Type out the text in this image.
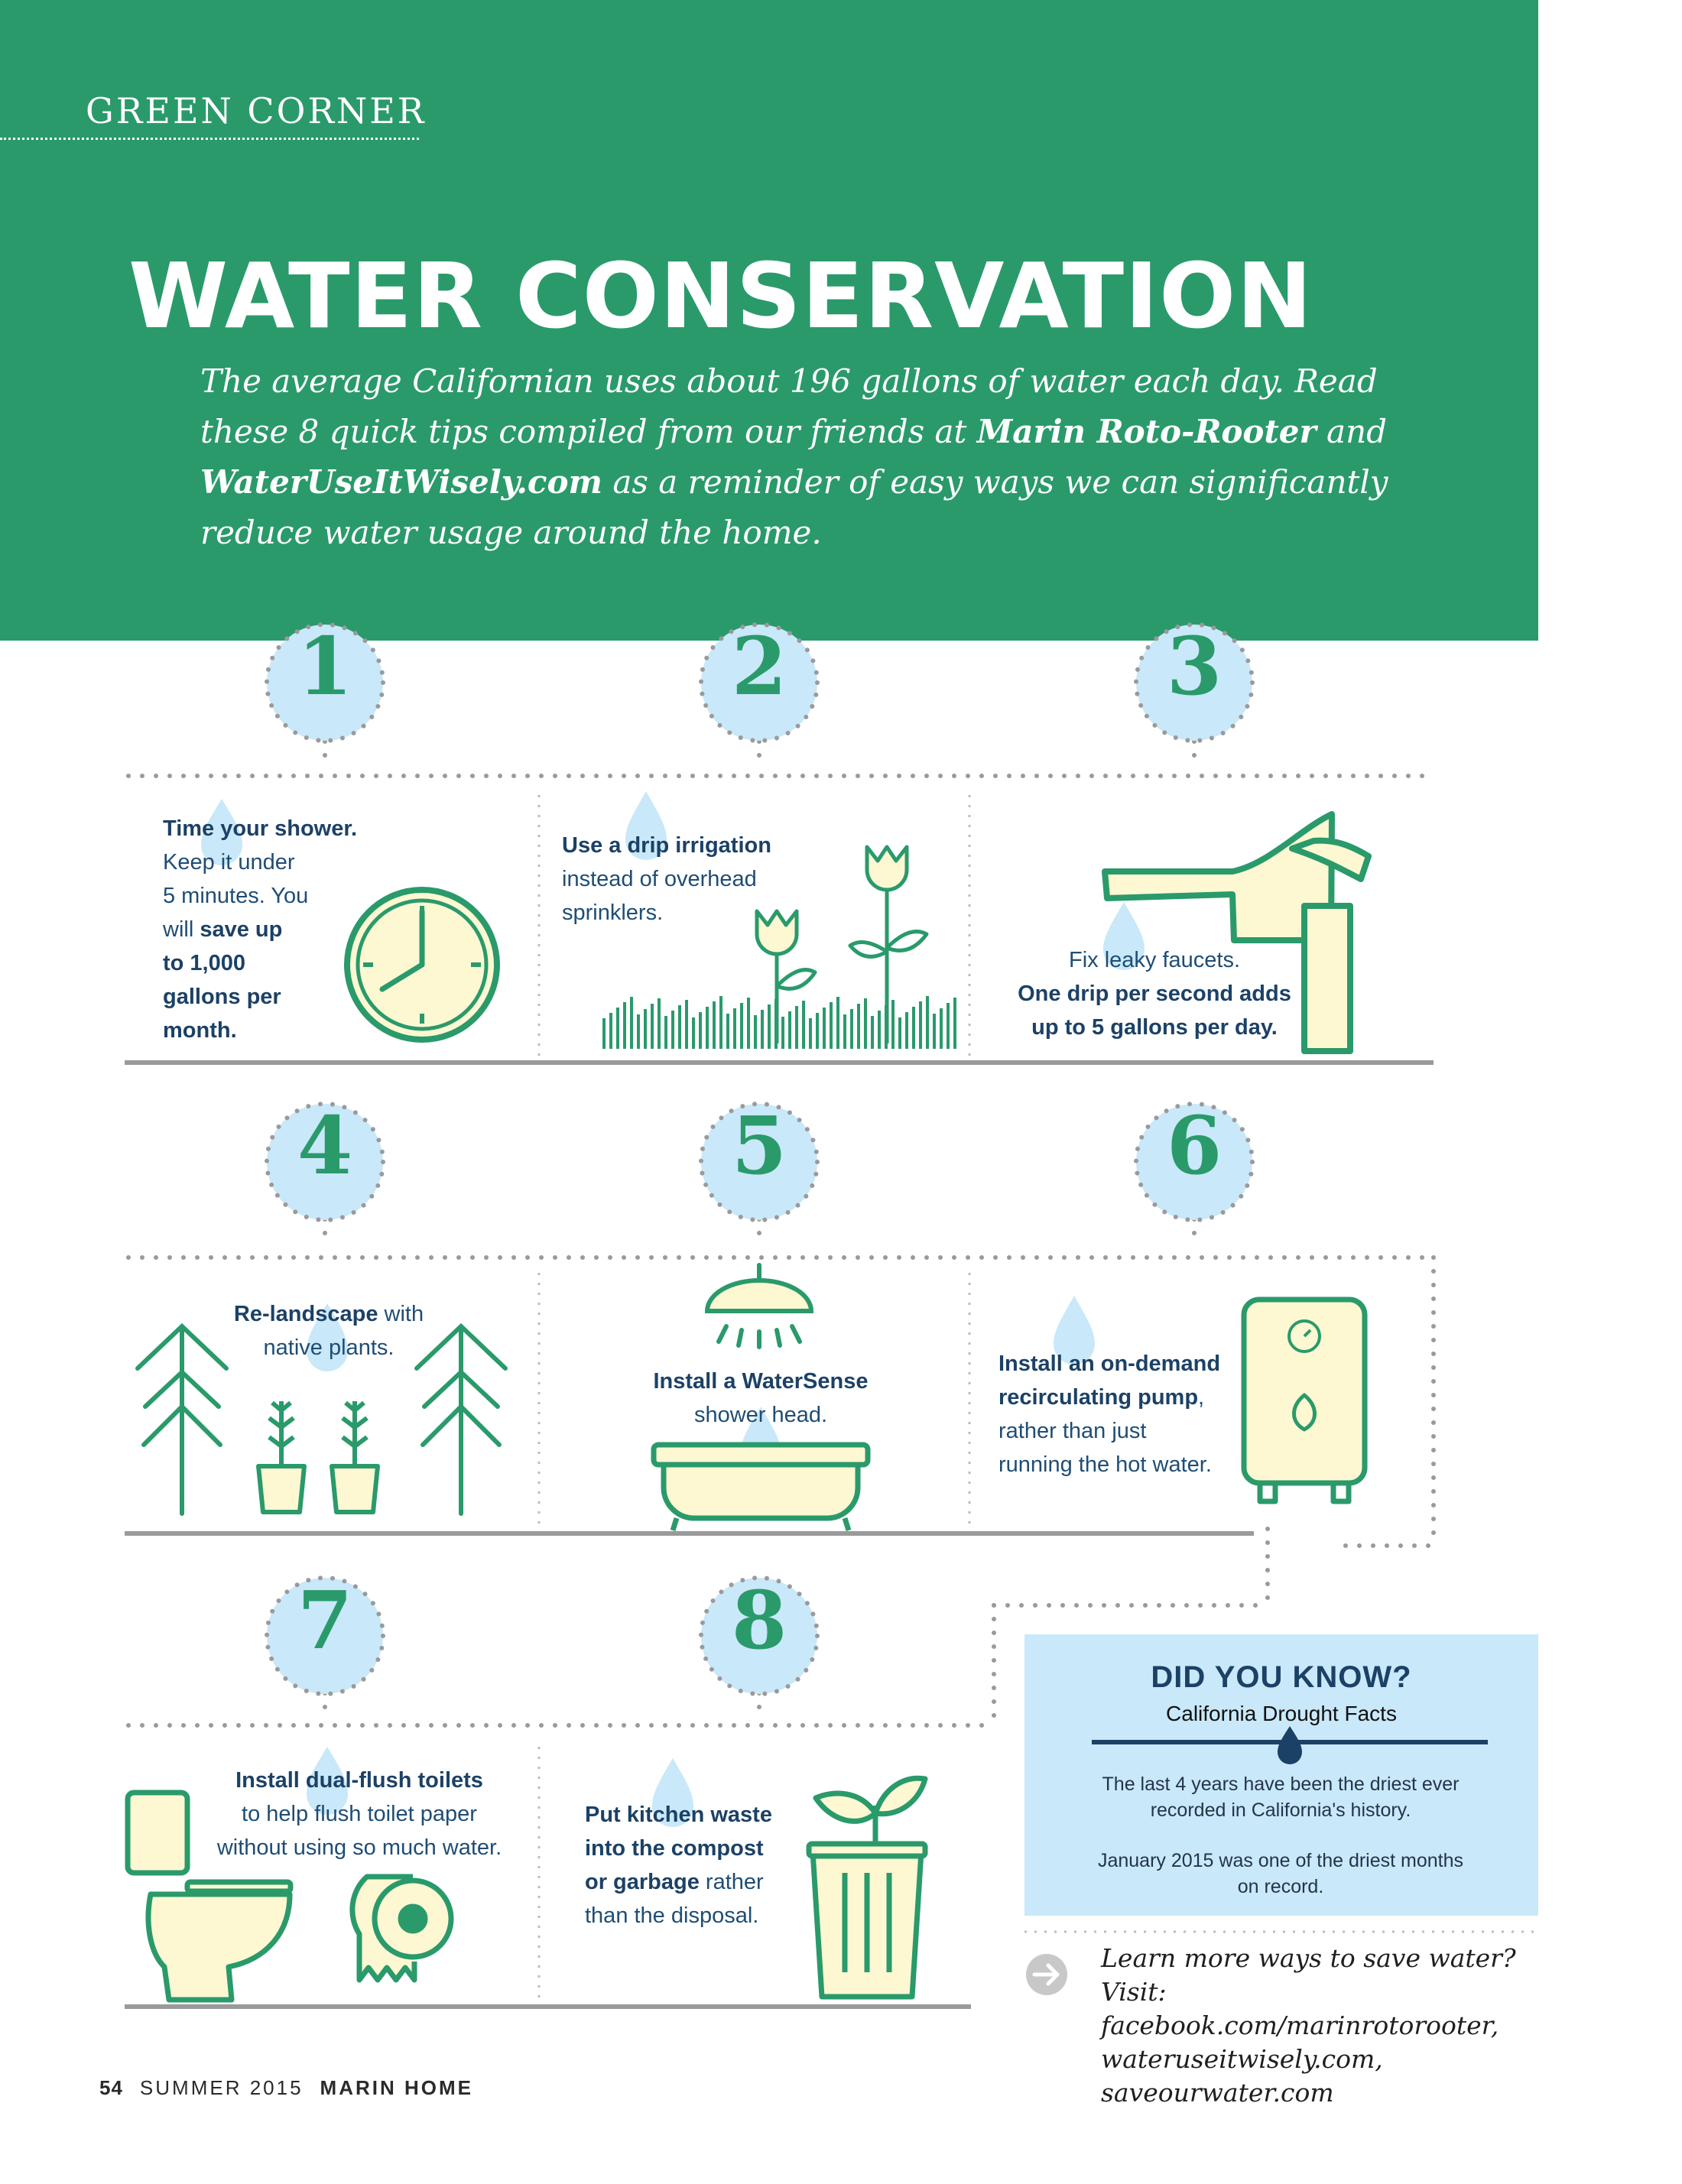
GREEN CORNER
WATER CONSERVATION
The average Californian uses about 196 gallons of water each day. Read these 8 quick tips compiled from our friends at Marin Roto-Rooter and WaterUseItWisely.com as a reminder of easy ways we can significantly reduce water usage around the home.
1	2	3
4	5	6
7	8
Time your shower.
Keep it under
5 minutes. You
will save up
to 1,000
gallons per
month.
Use a drip irrigation
instead of overhead
sprinklers.
Fix leaky faucets.
One drip per second adds
up to 5 gallons per day.
Re-landscape with
native plants.
Install a WaterSense
shower head.
Install an on-demand
recirculating pump,
rather than just
running the hot water.
Install dual-flush toilets
to help flush toilet paper
without using so much water.
Put kitchen waste
into the compost
or garbage rather
than the disposal.
DID YOU KNOW?
California Drought Facts
The last 4 years have been the driest ever recorded in California's history.
January 2015 was one of the driest months on record.
Learn more ways to save water?
Visit: facebook.com/marinrotorooter,
wateruseitwisely.com,
saveourwater.com
54 SUMMER 2015 MARIN HOME
